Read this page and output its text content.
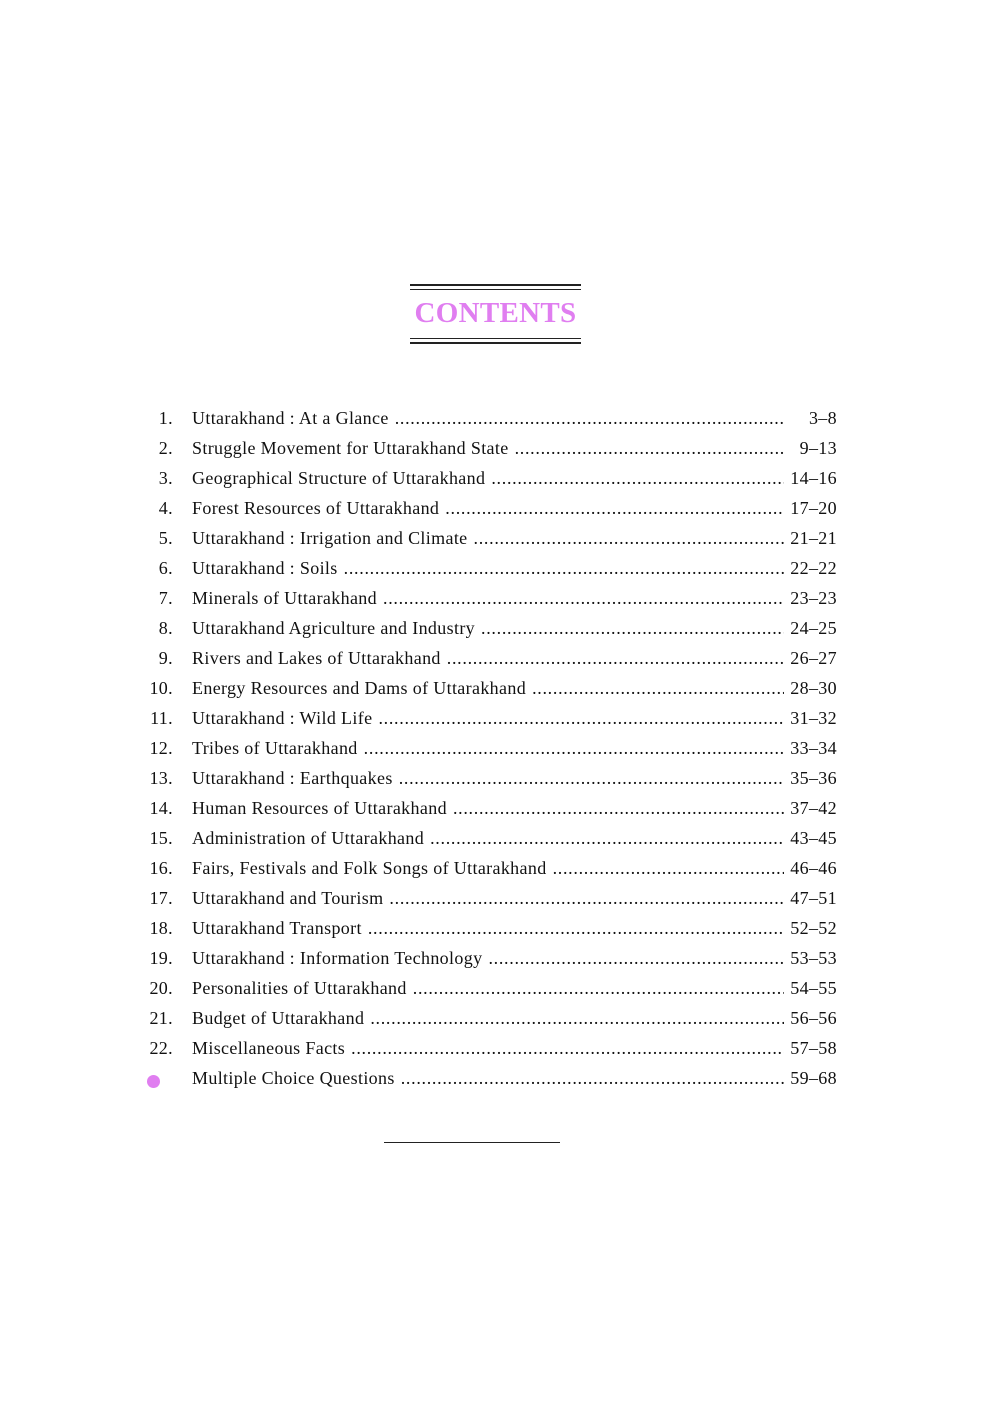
CONTENTS
1. Uttarakhand : At a Glance . . .	3–8
2. Struggle Movement for Uttarakhand State . . .	9–13
3. Geographical Structure of Uttarakhand . . .	14–16
4. Forest Resources of Uttarakhand . . .	17–20
5. Uttarakhand : Irrigation and Climate . . .	21–21
6. Uttarakhand : Soils . . .	22–22
7. Minerals of Uttarakhand . . .	23–23
8. Uttarakhand Agriculture and Industry . . .	24–25
9. Rivers and Lakes of Uttarakhand . . .	26–27
10. Energy Resources and Dams of Uttarakhand . . .	28–30
11. Uttarakhand : Wild Life . . .	31–32
12. Tribes of Uttarakhand . . .	33–34
13. Uttarakhand : Earthquakes . . .	35–36
14. Human Resources of Uttarakhand . . .	37–42
15. Administration of Uttarakhand . . .	43–45
16. Fairs, Festivals and Folk Songs of Uttarakhand . . .	46–46
17. Uttarakhand and Tourism . . .	47–51
18. Uttarakhand Transport . . .	52–52
19. Uttarakhand : Information Technology . . .	53–53
20. Personalities of Uttarakhand . . .	54–55
21. Budget of Uttarakhand . . .	56–56
22. Miscellaneous Facts . . .	57–58
Multiple Choice Questions . . .	59–68
